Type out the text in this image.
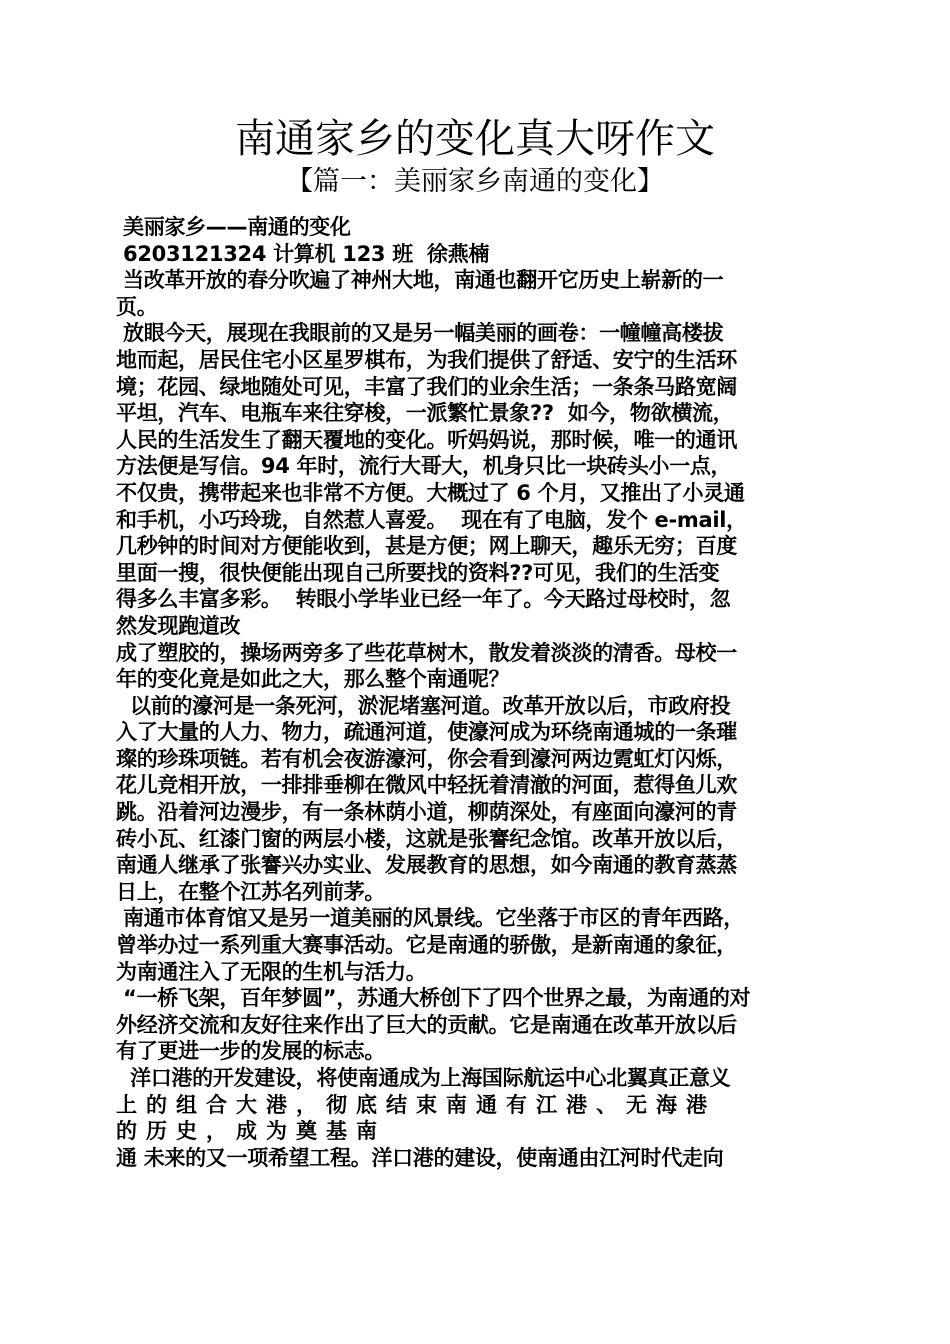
南通家乡的变化真大呀作文
【篇一：美丽家乡南通的变化】
美丽家乡——南通的变化
6203121324 计算机 123 班  徐燕楠
当改革开放的春分吹遍了神州大地，南通也翻开它历史上崭新的一
页。
放眼今天，展现在我眼前的又是另一幅美丽的画卷：一幢幢高楼拔
地而起，居民住宅小区星罗棋布，为我们提供了舒适、安宁的生活环
境；花园、绿地随处可见，丰富了我们的业余生活；一条条马路宽阔
平坦，汽车、电瓶车来往穿梭，一派繁忙景象??  如今，物欲横流，
人民的生活发生了翻天覆地的变化。听妈妈说，那时候，唯一的通讯
方法便是写信。94 年时，流行大哥大，机身只比一块砖头小一点，
不仅贵，携带起来也非常不方便。大概过了 6 个月，又推出了小灵通
和手机，小巧玲珑，自然惹人喜爱。  现在有了电脑，发个 e-mail，
几秒钟的时间对方便能收到，甚是方便；网上聊天，趣乐无穷；百度
里面一搜，很快便能出现自己所要找的资料??可见，我们的生活变
得多么丰富多彩。  转眼小学毕业已经一年了。今天路过母校时，忽
然发现跑道改
成了塑胶的，操场两旁多了些花草树木，散发着淡淡的清香。母校一
年的变化竟是如此之大，那么整个南通呢？
以前的濠河是一条死河，淤泥堵塞河道。改革开放以后，市政府投
入了大量的人力、物力，疏通河道，使濠河成为环绕南通城的一条璀
璨的珍珠项链。若有机会夜游濠河，你会看到濠河两边霓虹灯闪烁，
花儿竞相开放，一排排垂柳在微风中轻抚着清澈的河面，惹得鱼儿欢
跳。沿着河边漫步，有一条林荫小道，柳荫深处，有座面向濠河的青
砖小瓦、红漆门窗的两层小楼，这就是张謇纪念馆。改革开放以后，
南通人继承了张謇兴办实业、发展教育的思想，如今南通的教育蒸蒸
日上，在整个江苏名列前茅。
南通市体育馆又是另一道美丽的风景线。它坐落于市区的青年西路，
曾举办过一系列重大赛事活动。它是南通的骄傲，是新南通的象征，
为南通注入了无限的生机与活力。
“一桥飞架，百年梦圆”，苏通大桥创下了四个世界之最，为南通的对
外经济交流和友好往来作出了巨大的贡献。它是南通在改革开放以后
有了更进一步的发展的标志。
洋口港的开发建设，将使南通成为上海国际航运中心北翼真正意义
上的组合大港，彻底结束南通有江港、无海港
的历史，成为奠基南
通 未来的又一项希望工程。洋口港的建设，使南通由江河时代走向
